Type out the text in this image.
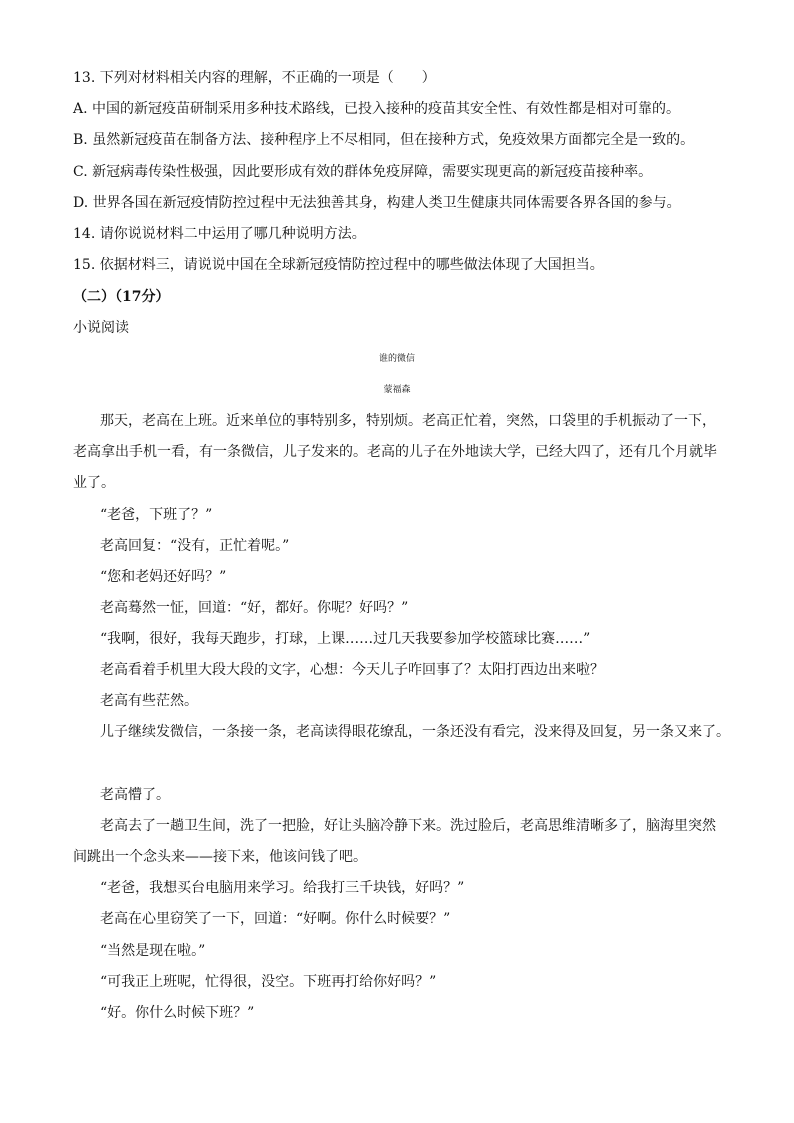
13. 下列对材料相关内容的理解，不正确的一项是（　　）
A. 中国的新冠疫苗研制采用多种技术路线，已投入接种的疫苗其安全性、有效性都是相对可靠的。
B. 虽然新冠疫苗在制备方法、接种程序上不尽相同，但在接种方式，免疫效果方面都完全是一致的。
C. 新冠病毒传染性极强，因此要形成有效的群体免疫屏障，需要实现更高的新冠疫苗接种率。
D. 世界各国在新冠疫情防控过程中无法独善其身，构建人类卫生健康共同体需要各界各国的参与。
14. 请你说说材料二中运用了哪几种说明方法。
15. 依据材料三，请说说中国在全球新冠疫情防控过程中的哪些做法体现了大国担当。
（二）（17分）
小说阅读
谁的微信
蒙福森
那天，老高在上班。近来单位的事特别多，特别烦。老高正忙着，突然，口袋里的手机振动了一下，
老高拿出手机一看，有一条微信，儿子发来的。老高的儿子在外地读大学，已经大四了，还有几个月就毕
业了。
“老爸，下班了？”
老高回复：“没有，正忙着呢。”
“您和老妈还好吗？”
老高蓦然一怔，回道：“好，都好。你呢？好吗？”
“我啊，很好，我每天跑步，打球，上课……过几天我要参加学校篮球比赛……”
老高看着手机里大段大段的文字，心想：今天儿子咋回事了？太阳打西边出来啦？
老高有些茫然。
儿子继续发微信，一条接一条，老高读得眼花缭乱，一条还没有看完，没来得及回复，另一条又来了。
老高懵了。
老高去了一趟卫生间，洗了一把脸，好让头脑冷静下来。洗过脸后，老高思维清晰多了，脑海里突然
间跳出一个念头来——接下来，他该问钱了吧。
“老爸，我想买台电脑用来学习。给我打三千块钱，好吗？”
老高在心里窃笑了一下，回道：“好啊。你什么时候要？”
“当然是现在啦。”
“可我正上班呢，忙得很，没空。下班再打给你好吗？”
“好。你什么时候下班？”
